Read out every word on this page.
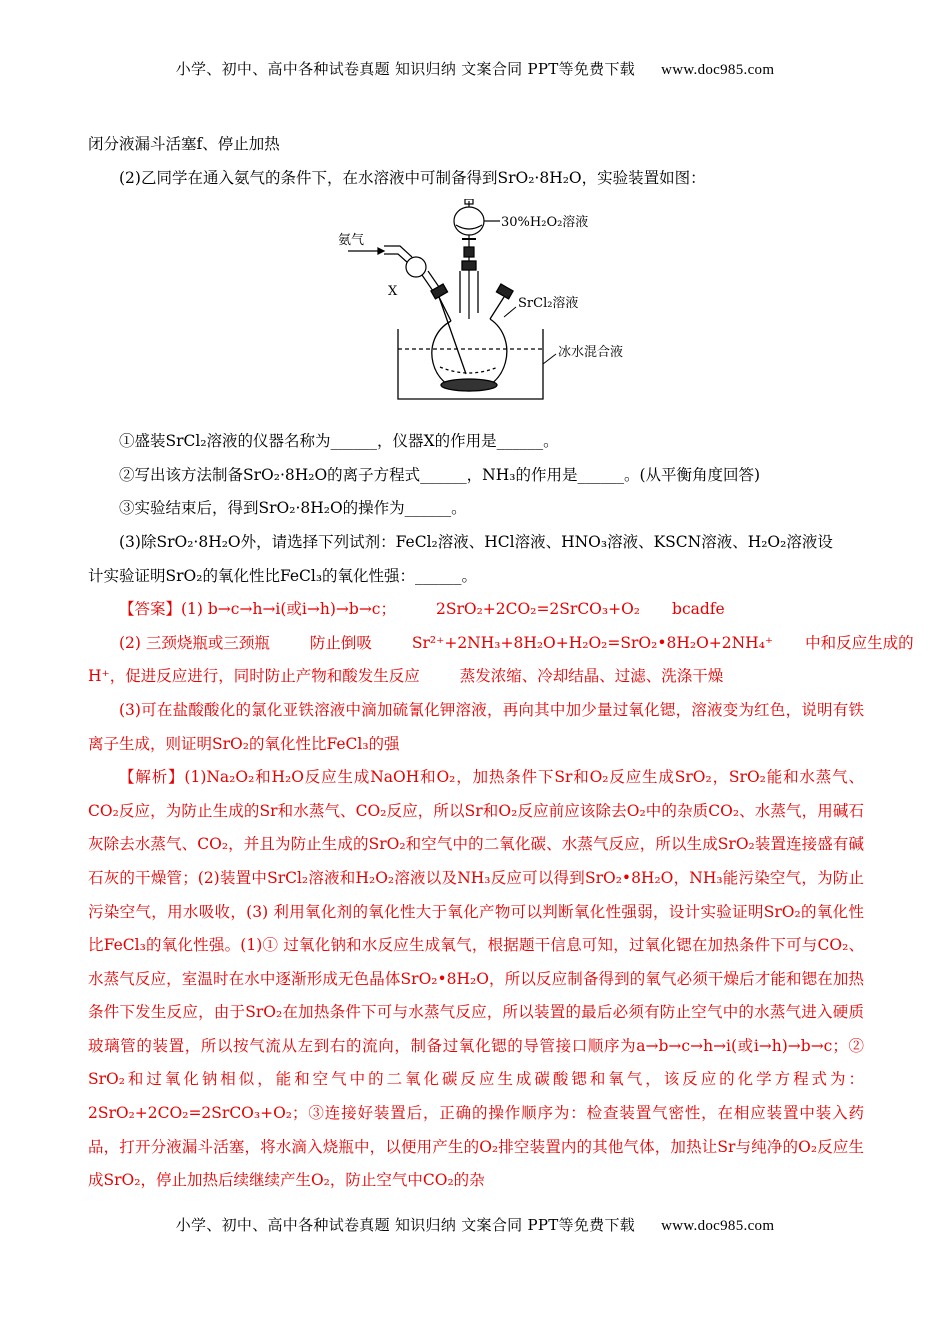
小学、初中、高中各种试卷真题 知识归纳 文案合同 PPT等免费下载 www.doc985.com

闭分液漏斗活塞f、停止加热

(2)乙同学在通入氨气的条件下，在水溶液中可制备得到SrO₂·8H₂O，实验装置如图：

30%H₂O₂溶液
氨气
X
SrCl₂溶液
冰水混合液

①盛装SrCl₂溶液的仪器名称为______，仪器X的作用是______。

②写出该方法制备SrO₂·8H₂O的离子方程式______，NH₃的作用是______。(从平衡角度回答)

③实验结束后，得到SrO₂·8H₂O的操作为______。

(3)除SrO₂·8H₂O外，请选择下列试剂：FeCl₂溶液、HCl溶液、HNO₃溶液、KSCN溶液、H₂O₂溶液设

计实验证明SrO₂的氧化性比FeCl₃的氧化性强：______。

【答案】(1) b→c→h→i(或i→h)→b→c；	2SrO₂+2CO₂=2SrCO₃+O₂ bcadfe

(2) 三颈烧瓶或三颈瓶	防止倒吸	Sr²⁺+2NH₃+8H₂O+H₂O₂=SrO₂•8H₂O+2NH₄⁺ 中和反应生成的

H⁺，促进反应进行，同时防止产物和酸发生反应	蒸发浓缩、冷却结晶、过滤、洗涤干燥

(3)可在盐酸酸化的氯化亚铁溶液中滴加硫氰化钾溶液，再向其中加少量过氧化锶，溶液变为红色，说明有铁离子生成，则证明SrO₂的氧化性比FeCl₃的强

【解析】(1)Na₂O₂和H₂O反应生成NaOH和O₂，加热条件下Sr和O₂反应生成SrO₂，SrO₂能和水蒸气、CO₂反应，为防止生成的Sr和水蒸气、CO₂反应，所以Sr和O₂反应前应该除去O₂中的杂质CO₂、水蒸气，用碱石灰除去水蒸气、CO₂，并且为防止生成的SrO₂和空气中的二氧化碳、水蒸气反应，所以生成SrO₂装置连接盛有碱石灰的干燥管；(2)装置中SrCl₂溶液和H₂O₂溶液以及NH₃反应可以得到SrO₂•8H₂O，NH₃能污染空气，为防止污染空气，用水吸收，(3) 利用氧化剂的氧化性大于氧化产物可以判断氧化性强弱，设计实验证明SrO₂的氧化性比FeCl₃的氧化性强。(1)① 过氧化钠和水反应生成氧气，根据题干信息可知，过氧化锶在加热条件下可与CO₂、水蒸气反应，室温时在水中逐渐形成无色晶体SrO₂•8H₂O，所以反应制备得到的氧气必须干燥后才能和锶在加热条件下发生反应，由于SrO₂在加热条件下可与水蒸气反应，所以装置的最后必须有防止空气中的水蒸气进入硬质玻璃管的装置，所以按气流从左到右的流向，制备过氧化锶的导管接口顺序为a→b→c→h→i(或i→h)→b→c；② SrO₂和过氧化钠相似，能和空气中的二氧化碳反应生成碳酸锶和氧气，该反应的化学方程式为：2SrO₂+2CO₂=2SrCO₃+O₂；③连接好装置后，正确的操作顺序为：检查装置气密性，在相应装置中装入药品，打开分液漏斗活塞，将水滴入烧瓶中，以便用产生的O₂排空装置内的其他气体，加热让Sr与纯净的O₂反应生成SrO₂，停止加热后续继续产生O₂，防止空气中CO₂的杂

小学、初中、高中各种试卷真题 知识归纳 文案合同 PPT等免费下载 www.doc985.com
